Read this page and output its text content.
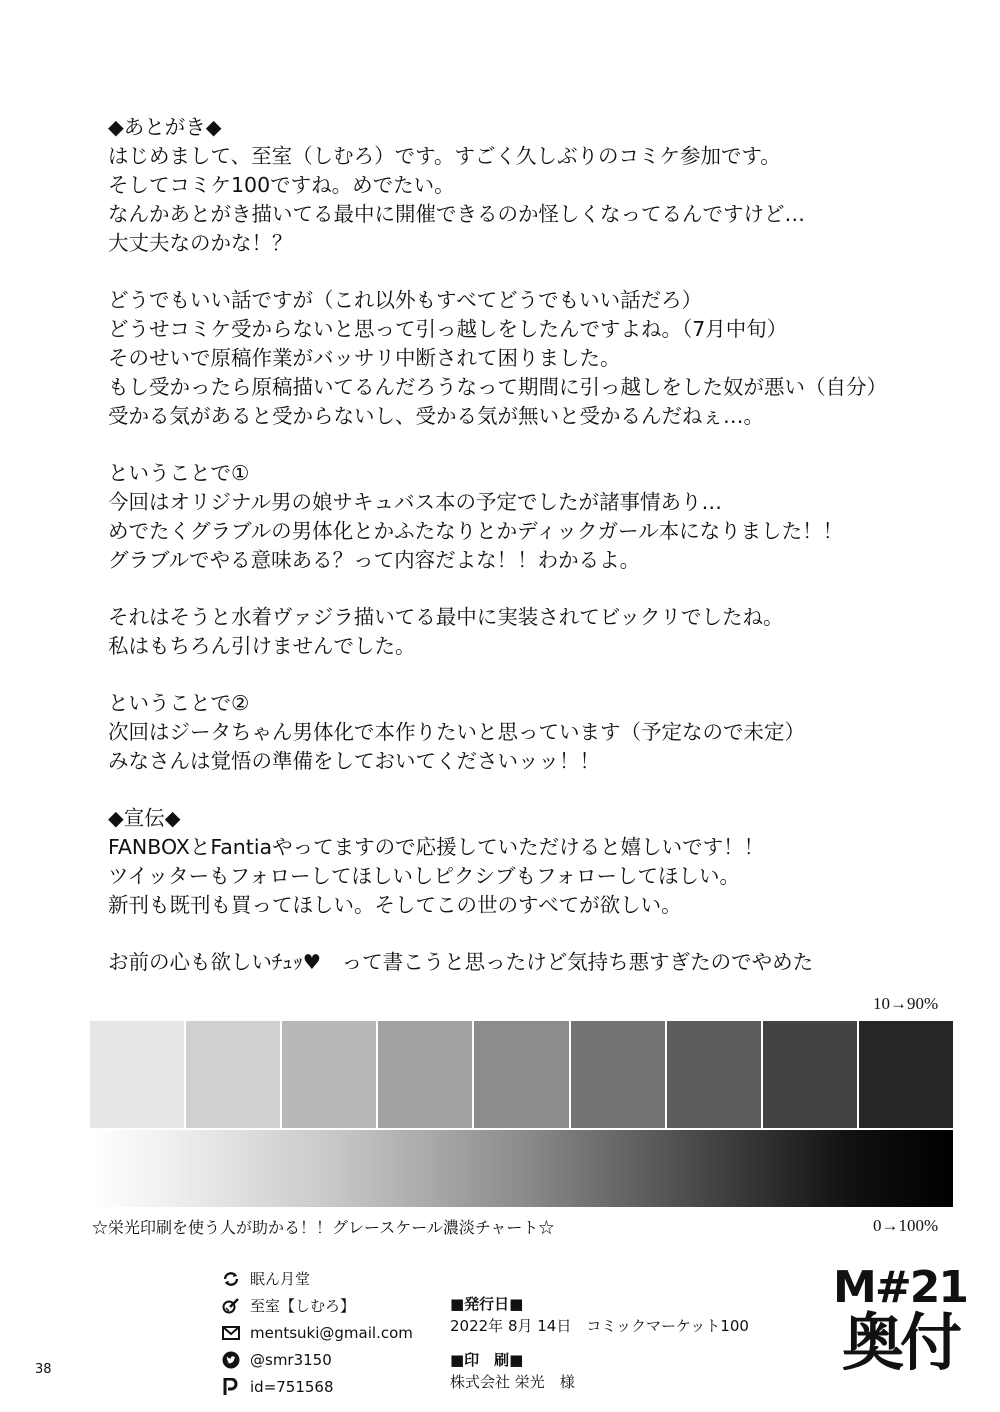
◆あとがき◆
はじめまして、至室（しむろ）です。すごく久しぶりのコミケ参加です。
そしてコミケ100ですね。めでたい。
なんかあとがき描いてる最中に開催できるのか怪しくなってるんですけど…
大丈夫なのかな！？
どうでもいい話ですが（これ以外もすべてどうでもいい話だろ）
どうせコミケ受からないと思って引っ越しをしたんですよね。（7月中旬）
そのせいで原稿作業がバッサリ中断されて困りました。
もし受かったら原稿描いてるんだろうなって期間に引っ越しをした奴が悪い（自分）
受かる気があると受からないし、受かる気が無いと受かるんだねぇ…。
ということで①
今回はオリジナル男の娘サキュバス本の予定でしたが諸事情あり…
めでたくグラブルの男体化とかふたなりとかディックガール本になりました！！
グラブルでやる意味ある？って内容だよな！！わかるよ。
それはそうと水着ヴァジラ描いてる最中に実装されてビックリでしたね。
私はもちろん引けませんでした。
ということで②
次回はジータちゃん男体化で本作りたいと思っています（予定なので未定）
みなさんは覚悟の準備をしておいてくださいッッ！！
◆宣伝◆
FANBOXとFantiaやってますので応援していただけると嬉しいです！！
ツイッターもフォローしてほしいしピクシブもフォローしてほしい。
新刊も既刊も買ってほしい。そしてこの世のすべてが欲しい。
お前の心も欲しいﾁｭｯ♥　って書こうと思ったけど気持ち悪すぎたのでやめた
10→90%
0→100%
☆栄光印刷を使う人が助かる！！グレースケール濃淡チャート☆
眠ん月堂
至室【しむろ】
mentsuki@gmail.com
@smr3150
id=751568
■発行日■
2022年 8月 14日　コミックマーケット100
■印　刷■
株式会社 栄光　様
M#21
奥付
38
